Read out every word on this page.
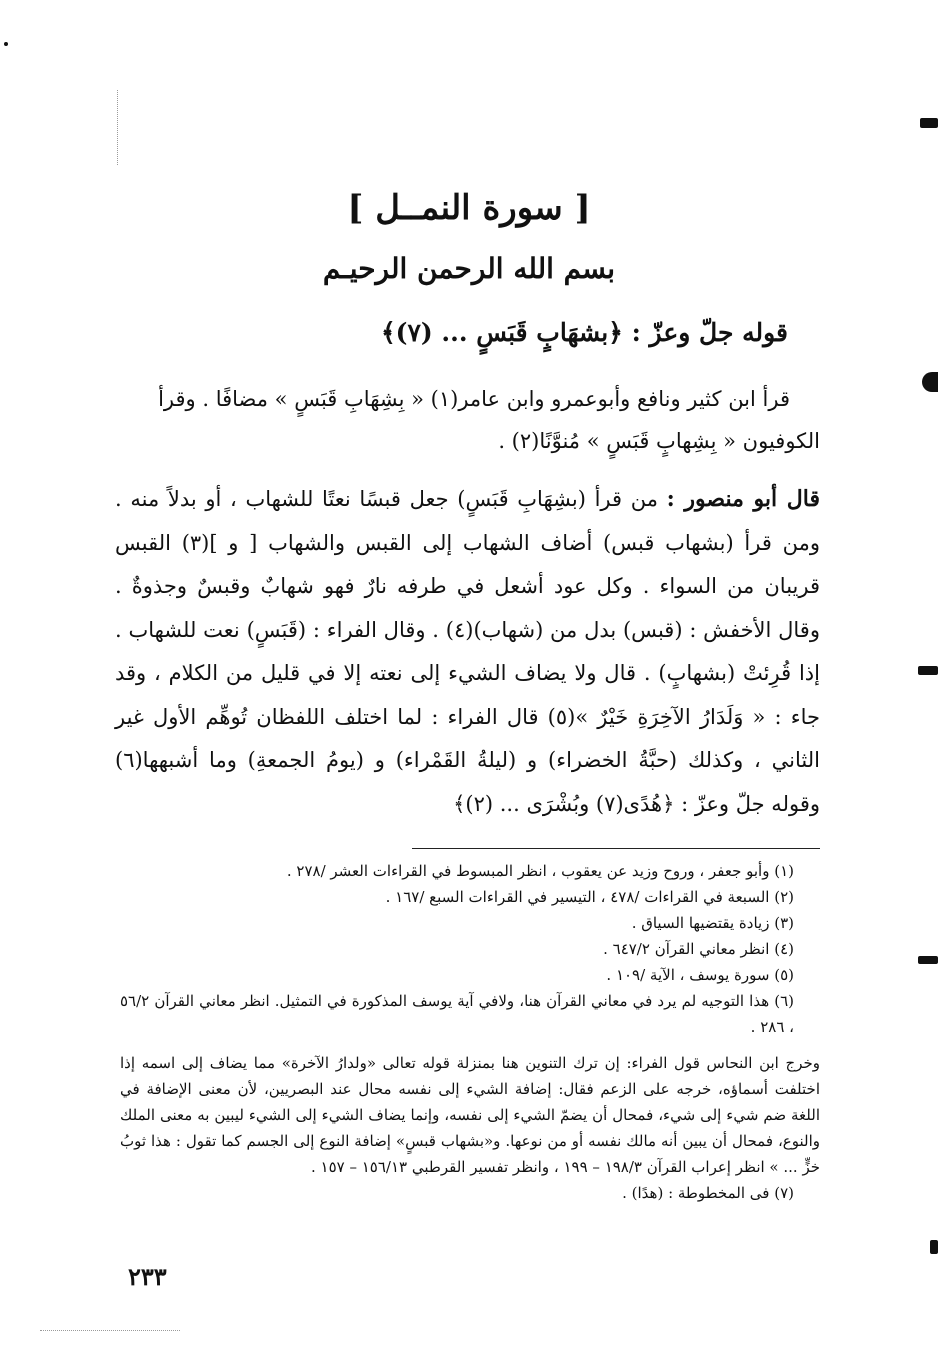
[ سورة النمــل ]
بسم الله الرحمن الرحيـم
قوله جلّ وعزّ : ﴿بشهَابٍ قَبَسٍ ... (٧)﴾
قرأ ابن كثير ونافع وأبوعمرو وابن عامر(١) « بِشِهَابِ قَبَسٍ » مضافًا . وقرأ
الكوفيون « بِشِهابٍ قَبَسٍ » مُنوَّنًا(٢) .
قال أبو منصور : من قرأ (بشِهَابِ قَبَسٍ) جعل قبسًا نعتًا للشهاب ، أو بدلاً منه . ومن قرأ (بشهاب قبس) أضاف الشهاب إلى القبس والشهاب [ و ](٣) القبس قريبان من السواء . وكل عود أشعل في طرفه نارٌ فهو شهابٌ وقبسٌ وجذوةٌ . وقال الأخفش : (قبس) بدل من (شهاب)(٤) . وقال الفراء : (قَبَسٍ) نعت للشهاب . إذا قُرِئتْ (بشهابٍ) . قال ولا يضاف الشيء إلى نعته إلا في قليل من الكلام ، وقد جاء : « وَلَدَارُ الآخِرَةِ خَيْرٌ »(٥) قال الفراء : لما اختلف اللفظان تُوهِّم الأول غير الثاني ، وكذلك (حبَّةُ الخضراء) و (ليلةُ القَمْراء) و (يومُ الجمعةِ) وما أشبهها(٦) وقوله جلّ وعزّ : ﴿هُدًى(٧) وبُشْرَى ... (٢)﴾

(١) وأبو جعفر ، وروح وزيد عن يعقوب ، انظر المبسوط في القراءات العشر /٢٧٨ .

(٢) السبعة في القراءات /٤٧٨ ، التيسير في القراءات السبع /١٦٧ .

(٣) زيادة يقتضيها السياق .

(٤) انظر معاني القرآن ٦٤٧/٢ .

(٥) سورة يوسف ، الآية /١٠٩ .

(٦) هذا التوجيه لم يرد في معاني القرآن هنا، ولافي آية يوسف المذكورة في التمثيل. انظر معاني القرآن ٥٦/٢ ، ٢٨٦ .

وخرج ابن النحاس قول الفراء: إن ترك التنوين هنا بمنزلة قوله تعالى «ولدارُ الآخرة» مما يضاف إلى اسمه إذا اختلفت أسماؤه، خرجه على الزعم فقال: إضافة الشيء إلى نفسه محال عند البصريين، لأن معنى الإضافة في اللغة ضم شيء إلى شيء، فمحال أن يضمّ الشيء إلى نفسه، وإنما يضاف الشيء إلى الشيء ليبين به معنى الملك والنوع، فمحال أن يبين أنه مالك نفسه أو من نوعها. و«بشهاب قبسٍ» إضافة النوع إلى الجسم كما تقول : هذا ثوبُ خزٍّ ... » انظر إعراب القرآن ١٩٨/٣ – ١٩٩ ، وانظر تفسير القرطبي ١٥٦/١٣ – ١٥٧ .

(٧) فى المخطوطة : (هدًا) .

٢٣٣
